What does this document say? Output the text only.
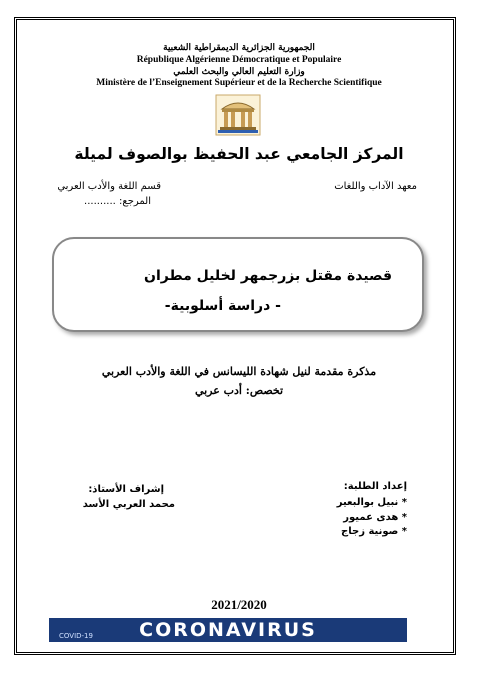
الجمهورية الجزائرية الديمقراطية الشعبية
République Algérienne Démocratique et Populaire
وزارة التعليم العالي والبحث العلمي
Ministère de l’Enseignement Supérieur et de la Recherche Scientifique
المركز الجامعي عبد الحفيظ بوالصوف لميلة
معهد الآداب واللغات
قسم اللغة والأدب العربي
المرجع: ..........
قصيدة مقتل بزرجمهر لخليل مطران
- دراسة أسلوبية-
مذكرة مقدمة لنيل شهادة الليسانس في اللغة والأدب العربي
تخصص: أدب عربي
إعداد الطلبة:
* نبيل بوالبعير
* هدى عميور
* صونية زجاج
إشراف الأستاذ:
محمد العربي الأسد
2021/2020
CORONAVIRUS
COVID-19
